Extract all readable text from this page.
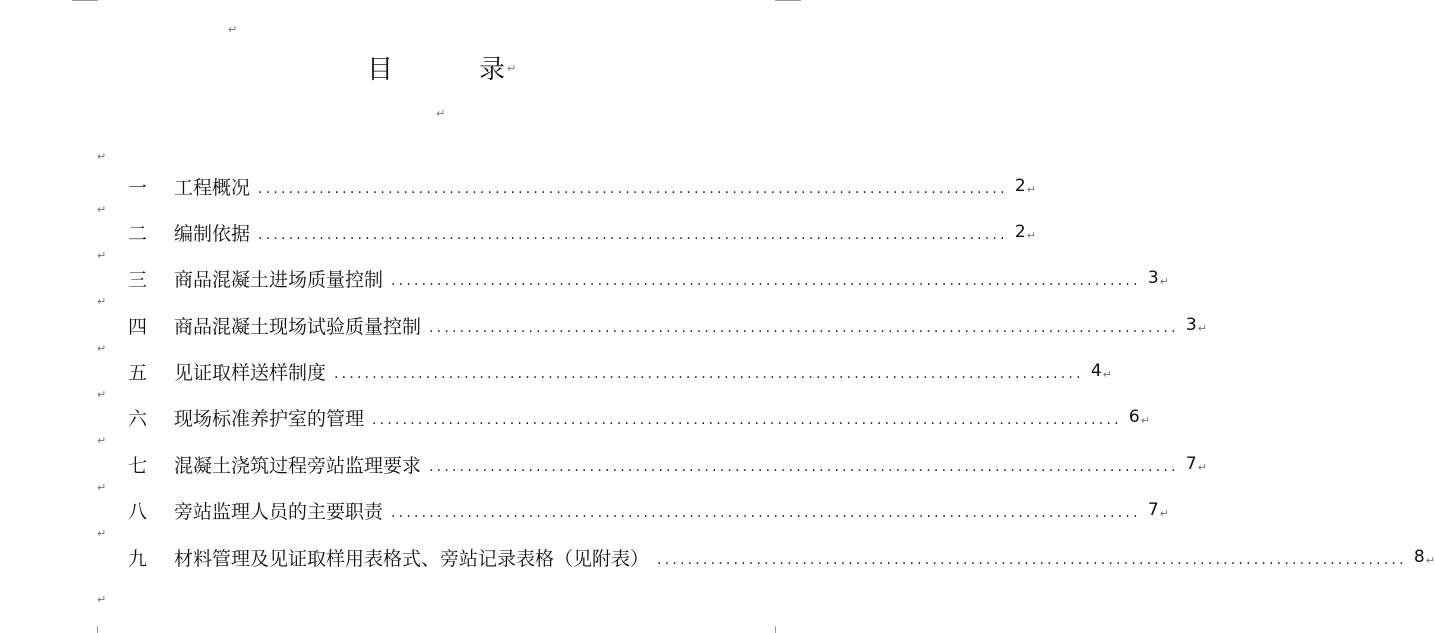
↵
目	录 ↵
↵
↵
↵
↵
↵
↵
↵
↵
↵
↵
↵
一	工程概况 .................................................................................................. 2 ↵
二	编制依据 .................................................................................................. 2 ↵
三	商品混凝土进场质量控制 .................................................................................................. 3 ↵
四	商品混凝土现场试验质量控制 .................................................................................................. 3 ↵
五	见证取样送样制度 .................................................................................................. 4 ↵
六	现场标准养护室的管理 .................................................................................................. 6 ↵
七	混凝土浇筑过程旁站监理要求 .................................................................................................. 7 ↵
八	旁站监理人员的主要职责 .................................................................................................. 7 ↵
九	材料管理及见证取样用表格式、旁站记录表格（见附表） .................................................................................................. 8 ↵
